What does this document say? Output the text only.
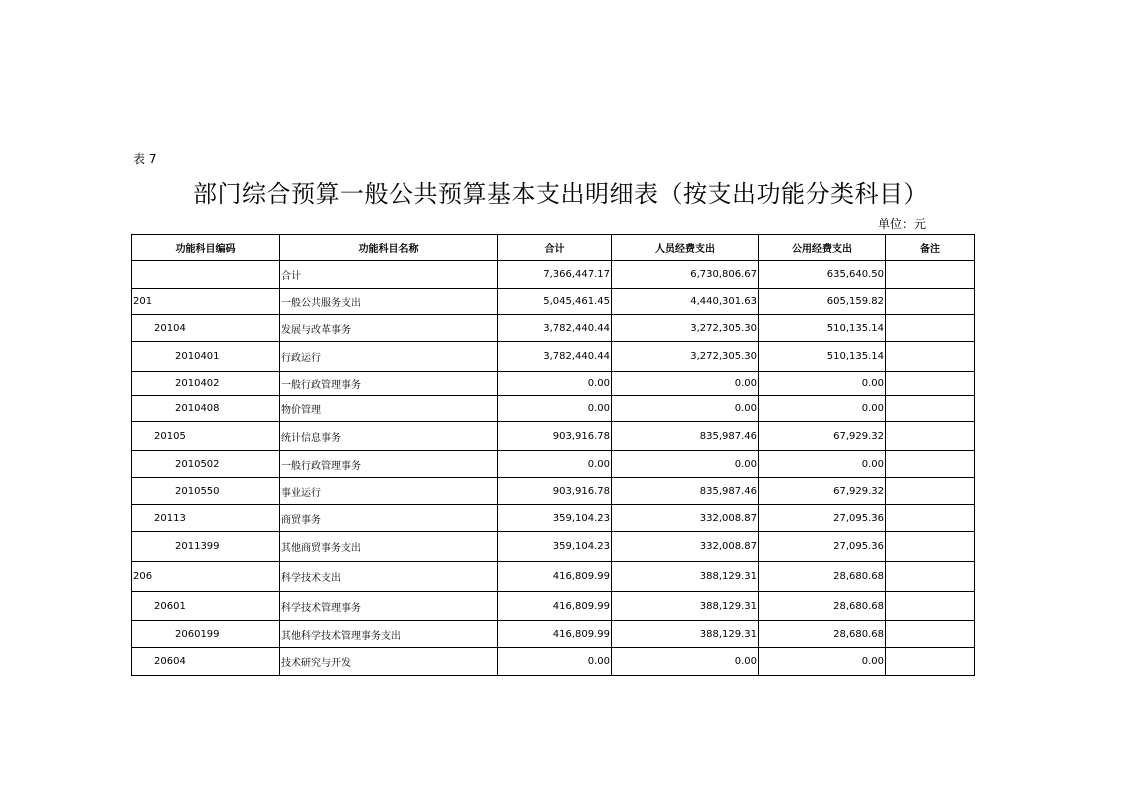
表 7
部门综合预算一般公共预算基本支出明细表（按支出功能分类科目）
单位：元
功能科目编码	功能科目名称	合计	人员经费支出	公用经费支出	备注
	合计	7,366,447.17	6,730,806.67	635,640.50	
201	一般公共服务支出	5,045,461.45	4,440,301.63	605,159.82	
20104	发展与改革事务	3,782,440.44	3,272,305.30	510,135.14	
2010401	行政运行	3,782,440.44	3,272,305.30	510,135.14	
2010402	一般行政管理事务	0.00	0.00	0.00	
2010408	物价管理	0.00	0.00	0.00	
20105	统计信息事务	903,916.78	835,987.46	67,929.32	
2010502	一般行政管理事务	0.00	0.00	0.00	
2010550	事业运行	903,916.78	835,987.46	67,929.32	
20113	商贸事务	359,104.23	332,008.87	27,095.36	
2011399	其他商贸事务支出	359,104.23	332,008.87	27,095.36	
206	科学技术支出	416,809.99	388,129.31	28,680.68	
20601	科学技术管理事务	416,809.99	388,129.31	28,680.68	
2060199	其他科学技术管理事务支出	416,809.99	388,129.31	28,680.68	
20604	技术研究与开发	0.00	0.00	0.00	
